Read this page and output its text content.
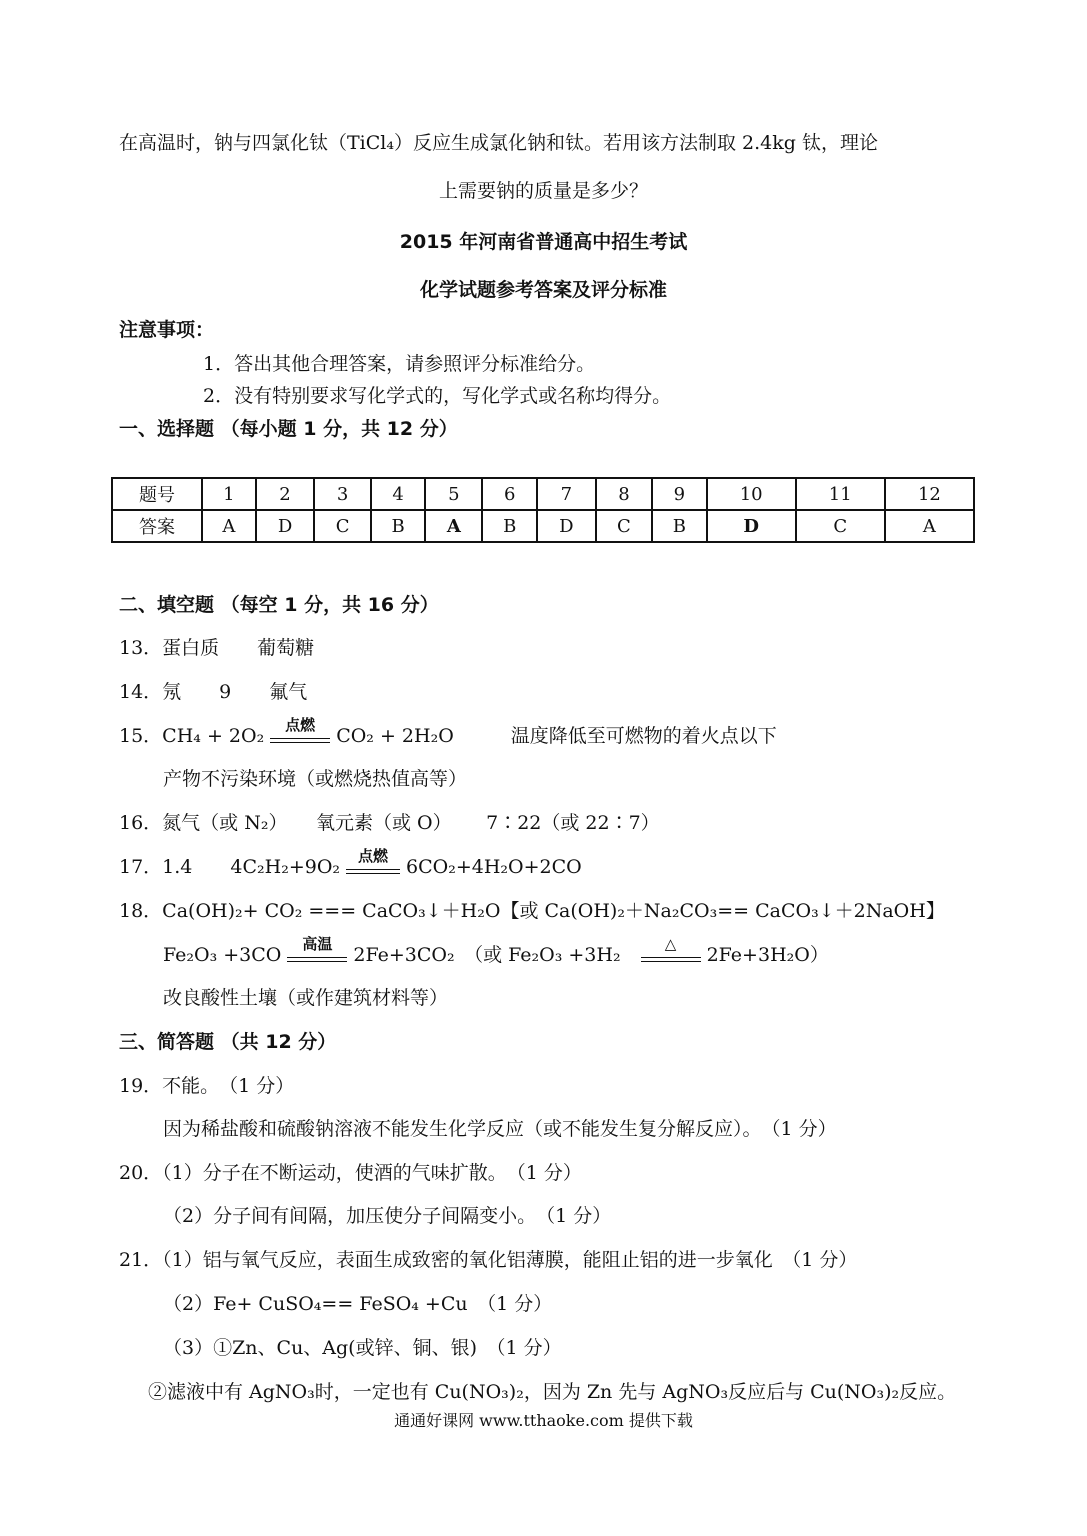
在高温时，钠与四氯化钛（TiCl₄）反应生成氯化钠和钛。若用该方法制取 2.4kg 钛，理论
上需要钠的质量是多少？
2015 年河南省普通高中招生考试
化学试题参考答案及评分标准
注意事项：
1．答出其他合理答案，请参照评分标准给分。
2．没有特别要求写化学式的，写化学式或名称均得分。
一、选择题 （每小题 1 分，共 12 分）
题号	1	2	3	4	5	6	7	8	9	10	11	12
答案	A	D	C	B	A	B	D	C	B	D	C	A
二、填空题 （每空 1 分，共 16 分）
13．蛋白质　　葡萄糖
14．氖　　9　　氟气
15．CH₄ + 2O₂
点燃
CO₂ + 2H₂O　　　温度降低至可燃物的着火点以下
产物不污染环境（或燃烧热值高等）
16．氮气（或 N₂）　　氧元素（或 O）　　 7∶22（或 22∶7）
17．1.4　　4C₂H₂+9O₂
点燃
6CO₂+4H₂O+2CO
18．Ca(OH)₂+ CO₂ === CaCO₃↓＋H₂O【或 Ca(OH)₂＋Na₂CO₃== CaCO₃↓＋2NaOH】
Fe₂O₃ +3CO
高温
2Fe+3CO₂　（或 Fe₂O₃ +3H₂
△
2Fe+3H₂O）
改良酸性土壤（或作建筑材料等）
三、简答题 （共 12 分）
19．不能。　（1 分）
因为稀盐酸和硫酸钠溶液不能发生化学反应（或不能发生复分解反应）。　（1 分）
20．（1）分子在不断运动，使酒的气味扩散。　（1 分）
（2）分子间有间隔，加压使分子间隔变小。　（1 分）
21．（1）铝与氧气反应，表面生成致密的氧化铝薄膜，能阻止铝的进一步氧化　（1 分）
（2）Fe+ CuSO₄== FeSO₄ +Cu　（1 分）
（3）①Zn、Cu、Ag(或锌、铜、银)　（1 分）
②滤液中有 AgNO₃时，一定也有 Cu(NO₃)₂，因为 Zn 先与 AgNO₃反应后与 Cu(NO₃)₂反应。
通通好课网 www.tthaoke.com 提供下载
